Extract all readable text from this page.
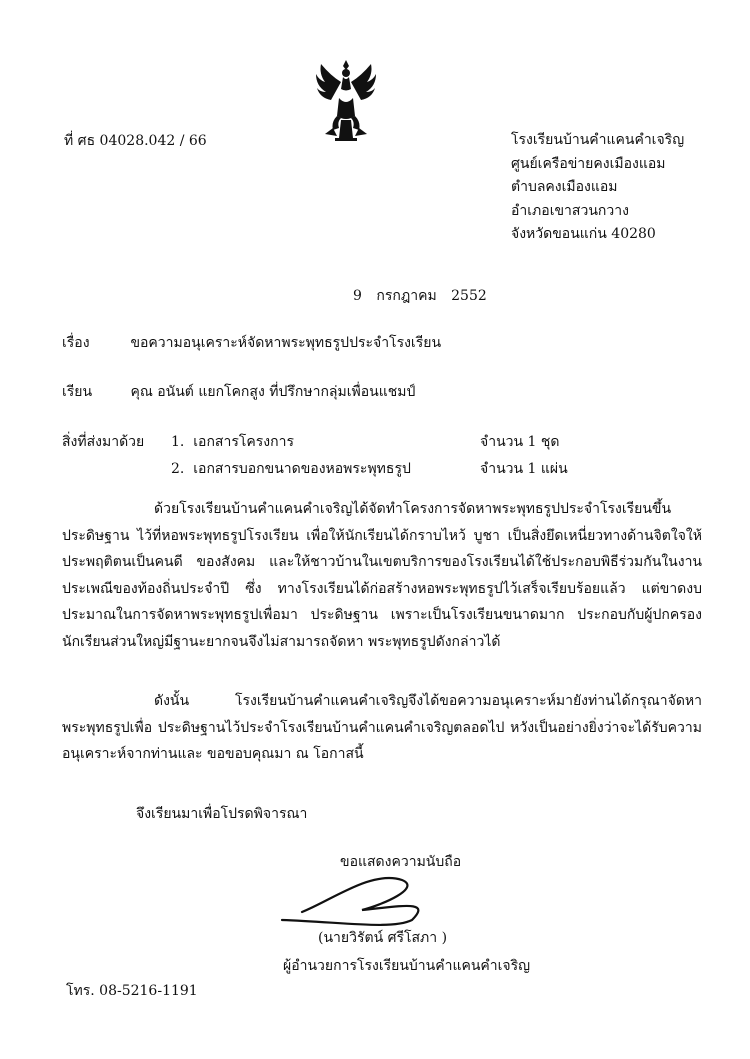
ที่ ศธ 04028.042 / 66	โรงเรียนบ้านคำแคนคำเจริญ
ศูนย์เครือข่ายคงเมืองแอม
ตำบลคงเมืองแอม
อำเภอเขาสวนกวาง
จังหวัดขอนแก่น 40280
9 กรกฎาคม 2552
เรื่อง	ขอความอนุเคราะห์จัดหาพระพุทธรูปประจำโรงเรียน
เรียน	คุณ อนันต์ แยกโคกสูง ที่ปรึกษากลุ่มเพื่อนแชมป์
สิ่งที่ส่งมาด้วย 1. เอกสารโครงการ	จำนวน 1 ชุด
2. เอกสารบอกขนาดของหอพระพุทธรูป	จำนวน 1 แผ่น
ด้วยโรงเรียนบ้านคำแคนคำเจริญได้จัดทำโครงการจัดหาพระพุทธรูปประจำโรงเรียนขึ้น ประดิษฐาน ไว้ที่หอพระพุทธรูปโรงเรียน เพื่อให้นักเรียนได้กราบไหว้ บูชา เป็นสิ่งยึดเหนี่ยวทางด้านจิตใจให้ประพฤติตนเป็นคนดี ของสังคม และให้ชาวบ้านในเขตบริการของโรงเรียนได้ใช้ประกอบพิธีร่วมกันในงานประเพณีของท้องถิ่นประจำปี ซึ่ง ทางโรงเรียนได้ก่อสร้างหอพระพุทธรูปไว้เสร็จเรียบร้อยแล้ว แต่ขาดงบประมาณในการจัดหาพระพุทธรูปเพื่อมา ประดิษฐาน เพราะเป็นโรงเรียนขนาดมาก ประกอบกับผู้ปกครองนักเรียนส่วนใหญ่มีฐานะยากจนจึงไม่สามารถจัดหา พระพุทธรูปดังกล่าวได้
ดังนั้น โรงเรียนบ้านคำแคนคำเจริญจึงได้ขอความอนุเคราะห์มายังท่านได้กรุณาจัดหาพระพุทธรูปเพื่อ ประดิษฐานไว้ประจำโรงเรียนบ้านคำแคนคำเจริญตลอดไป หวังเป็นอย่างยิ่งว่าจะได้รับความอนุเคราะห์จากท่านและ ขอขอบคุณมา ณ โอกาสนี้
จึงเรียนมาเพื่อโปรดพิจารณา
ขอแสดงความนับถือ
(นายวิรัตน์ ศรีโสภา )
ผู้อำนวยการโรงเรียนบ้านคำแคนคำเจริญ
โทร. 08-5216-1191
